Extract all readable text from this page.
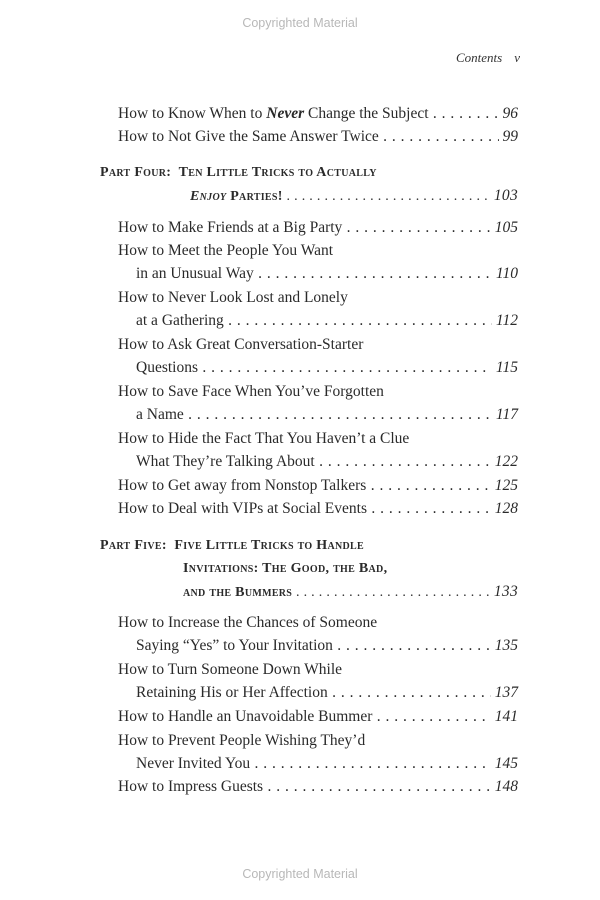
Copyrighted Material
Contents v
How to Know When to Never Change the Subject . . .	96
How to Not Give the Same Answer Twice . . .	99
Part Four: Ten Little Tricks to Actually
Enjoy Parties! . . .	103
How to Make Friends at a Big Party . . .	105
How to Meet the People You Want
in an Unusual Way . . .	110
How to Never Look Lost and Lonely
at a Gathering . . .	112
How to Ask Great Conversation-Starter
Questions . . .	115
How to Save Face When You’ve Forgotten
a Name . . .	117
How to Hide the Fact That You Haven’t a Clue
What They’re Talking About . . .	122
How to Get away from Nonstop Talkers . . .	125
How to Deal with VIPs at Social Events . . .	128
Part Five: Five Little Tricks to Handle
Invitations: The Good, the Bad,
and the Bummers . . .	133
How to Increase the Chances of Someone
Saying “Yes” to Your Invitation . . .	135
How to Turn Someone Down While
Retaining His or Her Affection . . .	137
How to Handle an Unavoidable Bummer . . .	141
How to Prevent People Wishing They’d
Never Invited You . . .	145
How to Impress Guests . . .	148
Copyrighted Material
